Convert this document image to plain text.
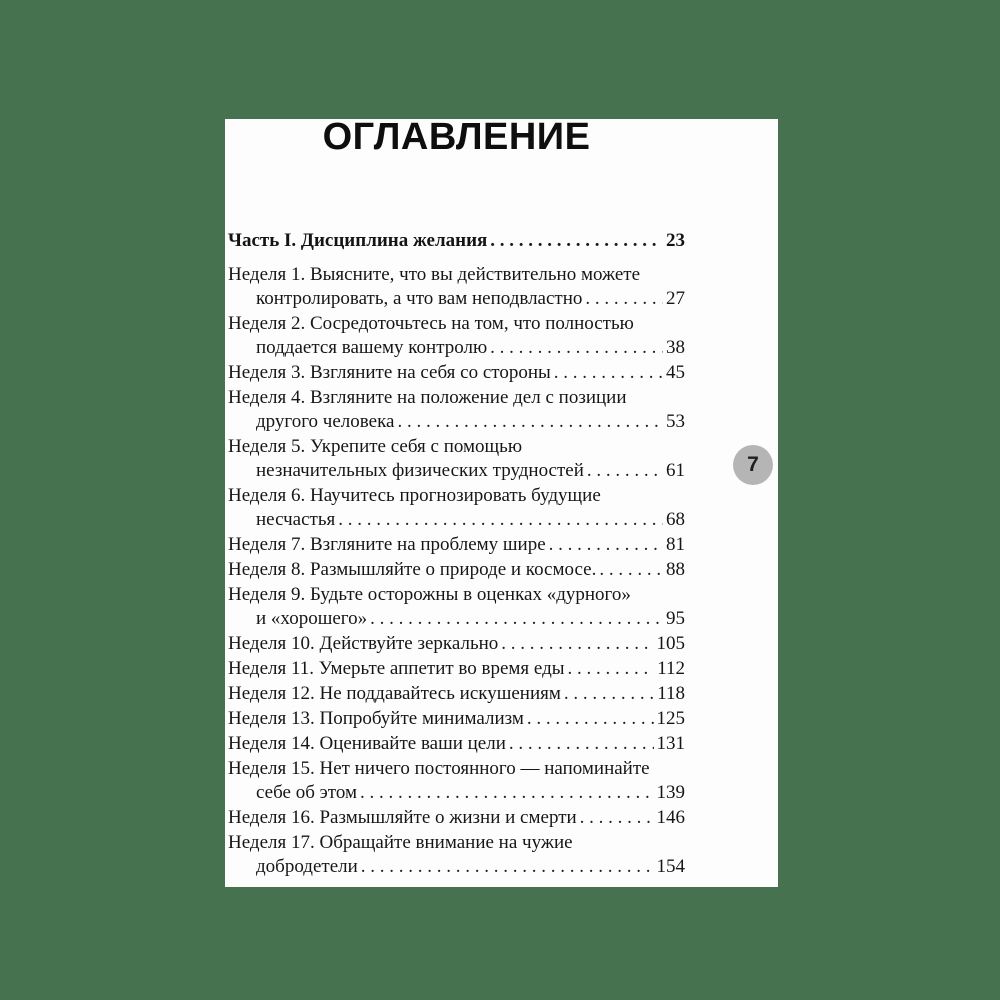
ОГЛАВЛЕНИЕ
Часть I. Дисциплина желания . . .	23
Неделя 1. Выясните, что вы действительно можете
контролировать, а что вам неподвластно . . .	27
Неделя 2. Сосредоточьтесь на том, что полностью
поддается вашему контролю . . .	38
Неделя 3. Взгляните на себя со стороны . . .	45
Неделя 4. Взгляните на положение дел с позиции
другого человека . . .	53
Неделя 5. Укрепите себя с помощью
незначительных физических трудностей . . .	61
Неделя 6. Научитесь прогнозировать будущие
несчастья . . .	68
Неделя 7. Взгляните на проблему шире . . .	81
Неделя 8. Размышляйте о природе и космосе. . . .	88
Неделя 9. Будьте осторожны в оценках «дурного»
и «хорошего» . . .	95
Неделя 10. Действуйте зеркально . . .	105
Неделя 11. Умерьте аппетит во время еды . . .	112
Неделя 12. Не поддавайтесь искушениям . . .	118
Неделя 13. Попробуйте минимализм . . .	125
Неделя 14. Оценивайте ваши цели . . .	131
Неделя 15. Нет ничего постоянного — напоминайте
себе об этом . . .	139
Неделя 16. Размышляйте о жизни и смерти . . .	146
Неделя 17. Обращайте внимание на чужие
добродетели . . .	154
7
